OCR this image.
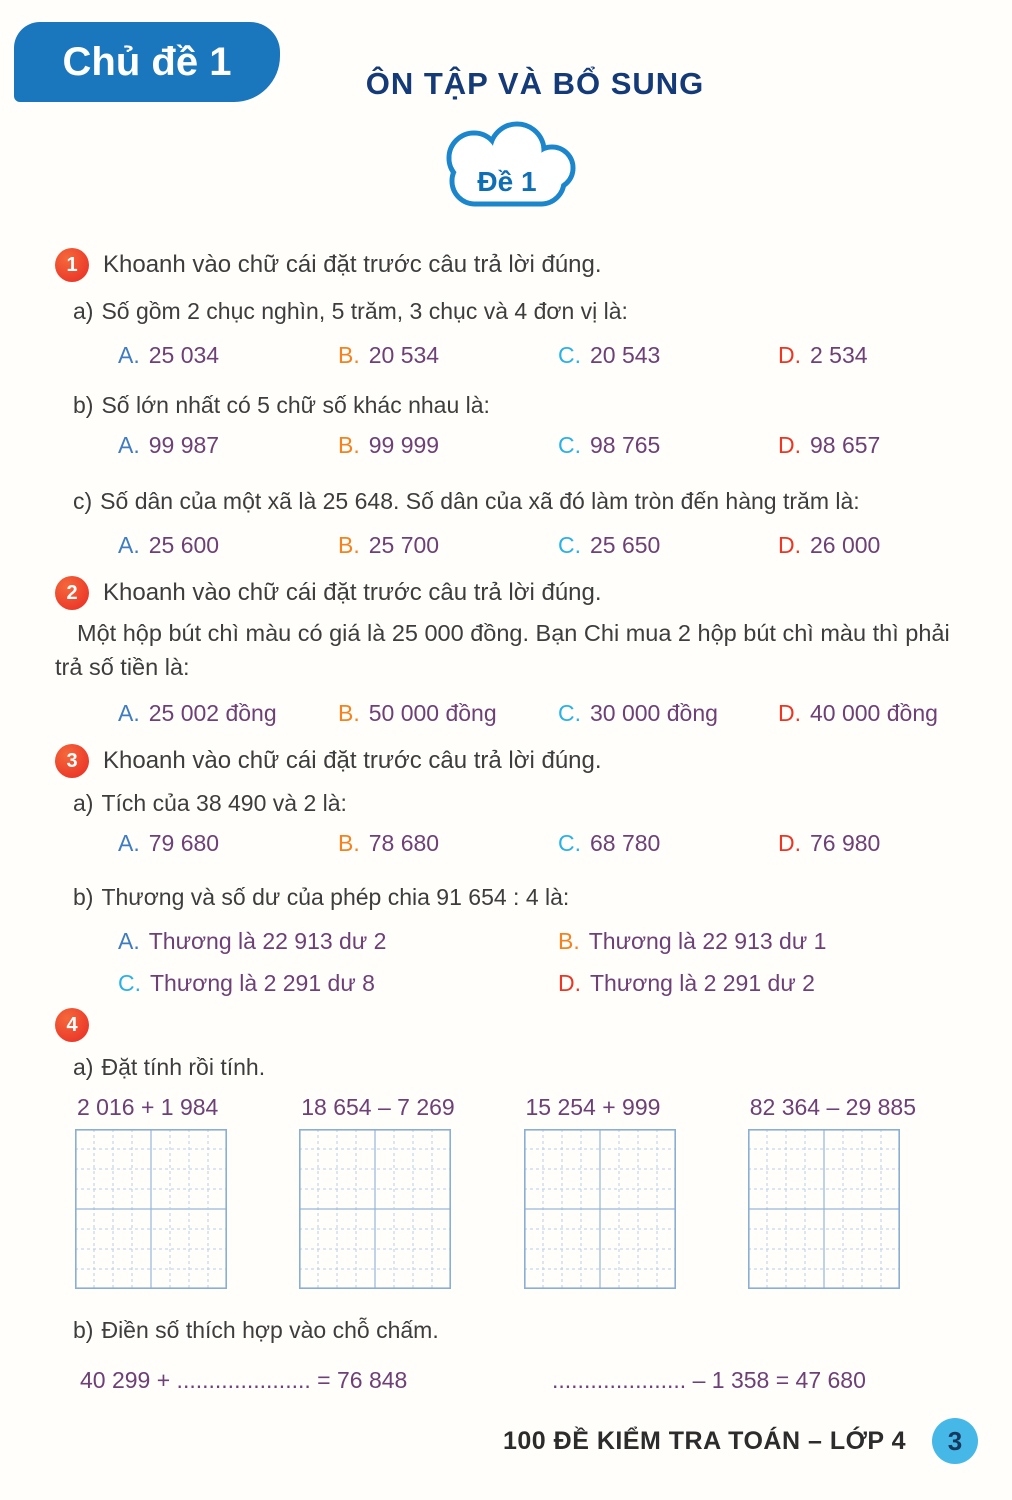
Chủ đề 1	ÔN TẬP VÀ BỔ SUNG
Đề 1
1	Khoanh vào chữ cái đặt trước câu trả lời đúng.
a) Số gồm 2 chục nghìn, 5 trăm, 3 chục và 4 đơn vị là:
A. 25 034	B. 20 534	C. 20 543	D. 2 534
b) Số lớn nhất có 5 chữ số khác nhau là:
A. 99 987	B. 99 999	C. 98 765	D. 98 657
c) Số dân của một xã là 25 648. Số dân của xã đó làm tròn đến hàng trăm là:
A. 25 600	B. 25 700	C. 25 650	D. 26 000
2	Khoanh vào chữ cái đặt trước câu trả lời đúng.
Một hộp bút chì màu có giá là 25 000 đồng. Bạn Chi mua 2 hộp bút chì màu thì phải trả số tiền là:
A. 25 002 đồng	B. 50 000 đồng	C. 30 000 đồng	D. 40 000 đồng
3	Khoanh vào chữ cái đặt trước câu trả lời đúng.
a) Tích của 38 490 và 2 là:
A. 79 680	B. 78 680	C. 68 780	D. 76 980
b) Thương và số dư của phép chia 91 654 : 4 là:
A. Thương là 22 913 dư 2	B. Thương là 22 913 dư 1
C. Thương là 2 291 dư 8	D. Thương là 2 291 dư 2
4
a) Đặt tính rồi tính.
2 016 + 1 984	18 654 – 7 269	15 254 + 999	82 364 – 29 885
b) Điền số thích hợp vào chỗ chấm.
40 299 + ..................... = 76 848	..................... – 1 358 = 47 680
100 ĐỀ KIỂM TRA TOÁN – LỚP 4	3
